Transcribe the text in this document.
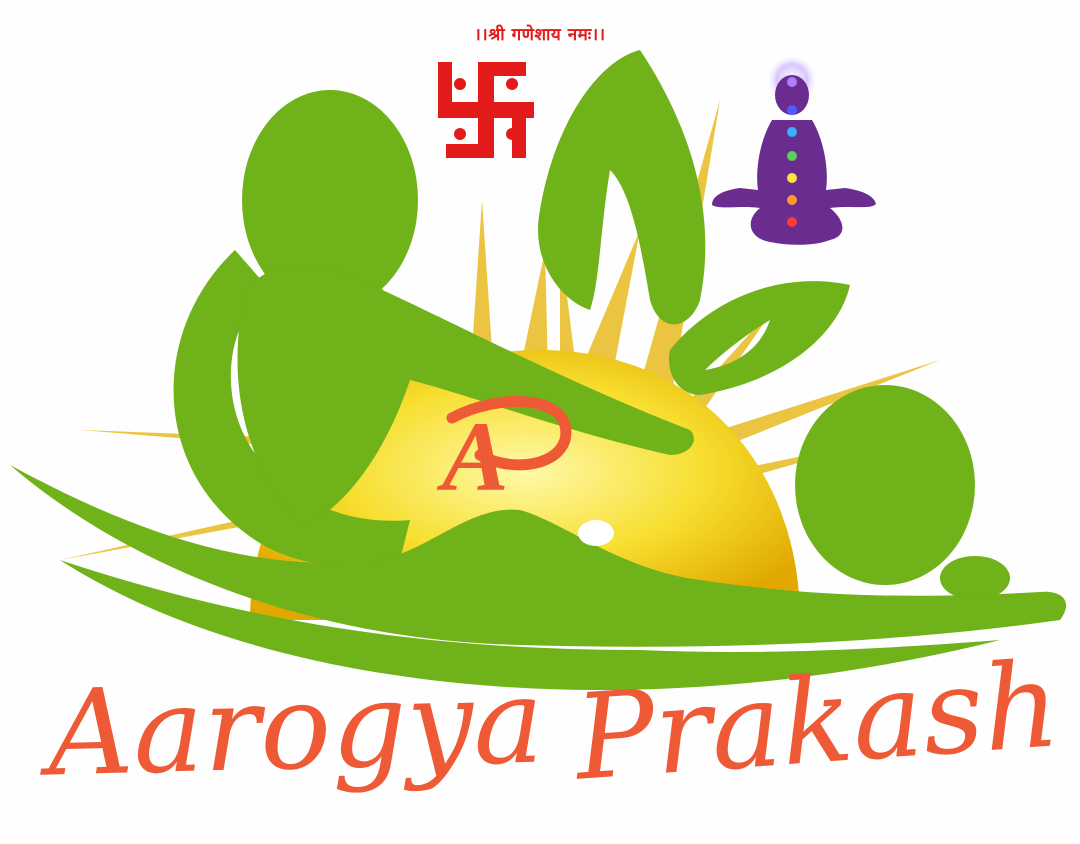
।।श्री गणेशाय नमः।।
A
Aarogya Prakash
